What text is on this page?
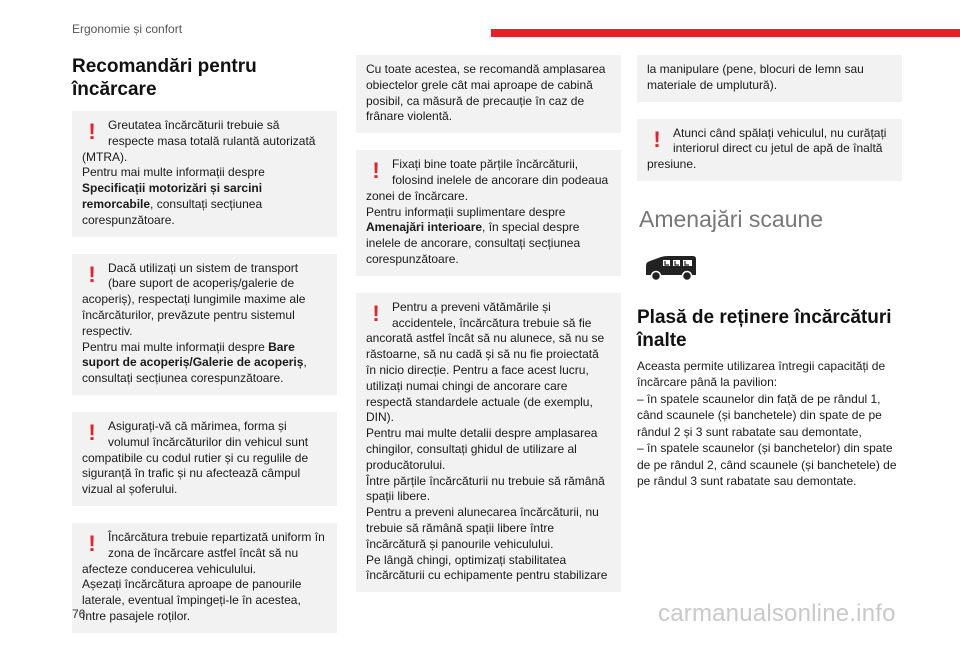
Ergonomie și confort
Recomandări pentru încărcare
!	Greutatea încărcăturii trebuie să respecte masa totală rulantă autorizată (MTRA).

Pentru mai multe informații despre Specificații motorizări și sarcini remorcabile, consultați secțiunea corespunzătoare.

!	Dacă utilizați un sistem de transport (bare suport de acoperiș/galerie de acoperiș), respectați lungimile maxime ale încărcăturilor, prevăzute pentru sistemul respectiv.

Pentru mai multe informații despre Bare suport de acoperiș/Galerie de acoperiș, consultați secțiunea corespunzătoare.

!	Asigurați-vă că mărimea, forma și volumul încărcăturilor din vehicul sunt compatibile cu codul rutier și cu regulile de siguranță în trafic și nu afectează câmpul vizual al șoferului.

!	Încărcătura trebuie repartizată uniform în zona de încărcare astfel încât să nu afecteze conducerea vehiculului.

Așezați încărcătura aproape de panourile laterale, eventual împingeți-le în acestea, între pasajele roților.

Cu toate acestea, se recomandă amplasarea obiectelor grele cât mai aproape de cabină posibil, ca măsură de precauție în caz de frânare violentă.

!	Fixați bine toate părțile încărcăturii, folosind inelele de ancorare din podeaua zonei de încărcare.

Pentru informații suplimentare despre Amenajări interioare, în special despre inelele de ancorare, consultați secțiunea corespunzătoare.

!	Pentru a preveni vătămările și accidentele, încărcătura trebuie să fie ancorată astfel încât să nu alunece, să nu se răstoarne, să nu cadă și să nu fie proiectată în nicio direcție. Pentru a face acest lucru, utilizați numai chingi de ancorare care respectă standardele actuale (de exemplu, DIN).

Pentru mai multe detalii despre amplasarea chingilor, consultați ghidul de utilizare al producătorului.

Între părțile încărcăturii nu trebuie să rămână spații libere.

Pentru a preveni alunecarea încărcăturii, nu trebuie să rămână spații libere între încărcătură și panourile vehiculului.

Pe lângă chingi, optimizați stabilitatea încărcăturii cu echipamente pentru stabilizare

la manipulare (pene, blocuri de lemn sau materiale de umplutură).

!	Atunci când spălați vehiculul, nu curățați interiorul direct cu jetul de apă de înaltă presiune.

Amenajări scaune
Plasă de reținere încărcături înalte

Aceasta permite utilizarea întregii capacități de încărcare până la pavilion:

– în spatele scaunelor din față de pe rândul 1, când scaunele (și banchetele) din spate de pe rândul 2 și 3 sunt rabatate sau demontate,

– în spatele scaunelor (și banchetelor) din spate de pe rândul 2, când scaunele (și banchetele) de pe rândul 3 sunt rabatate sau demontate.

76	carmanualsonline.info
